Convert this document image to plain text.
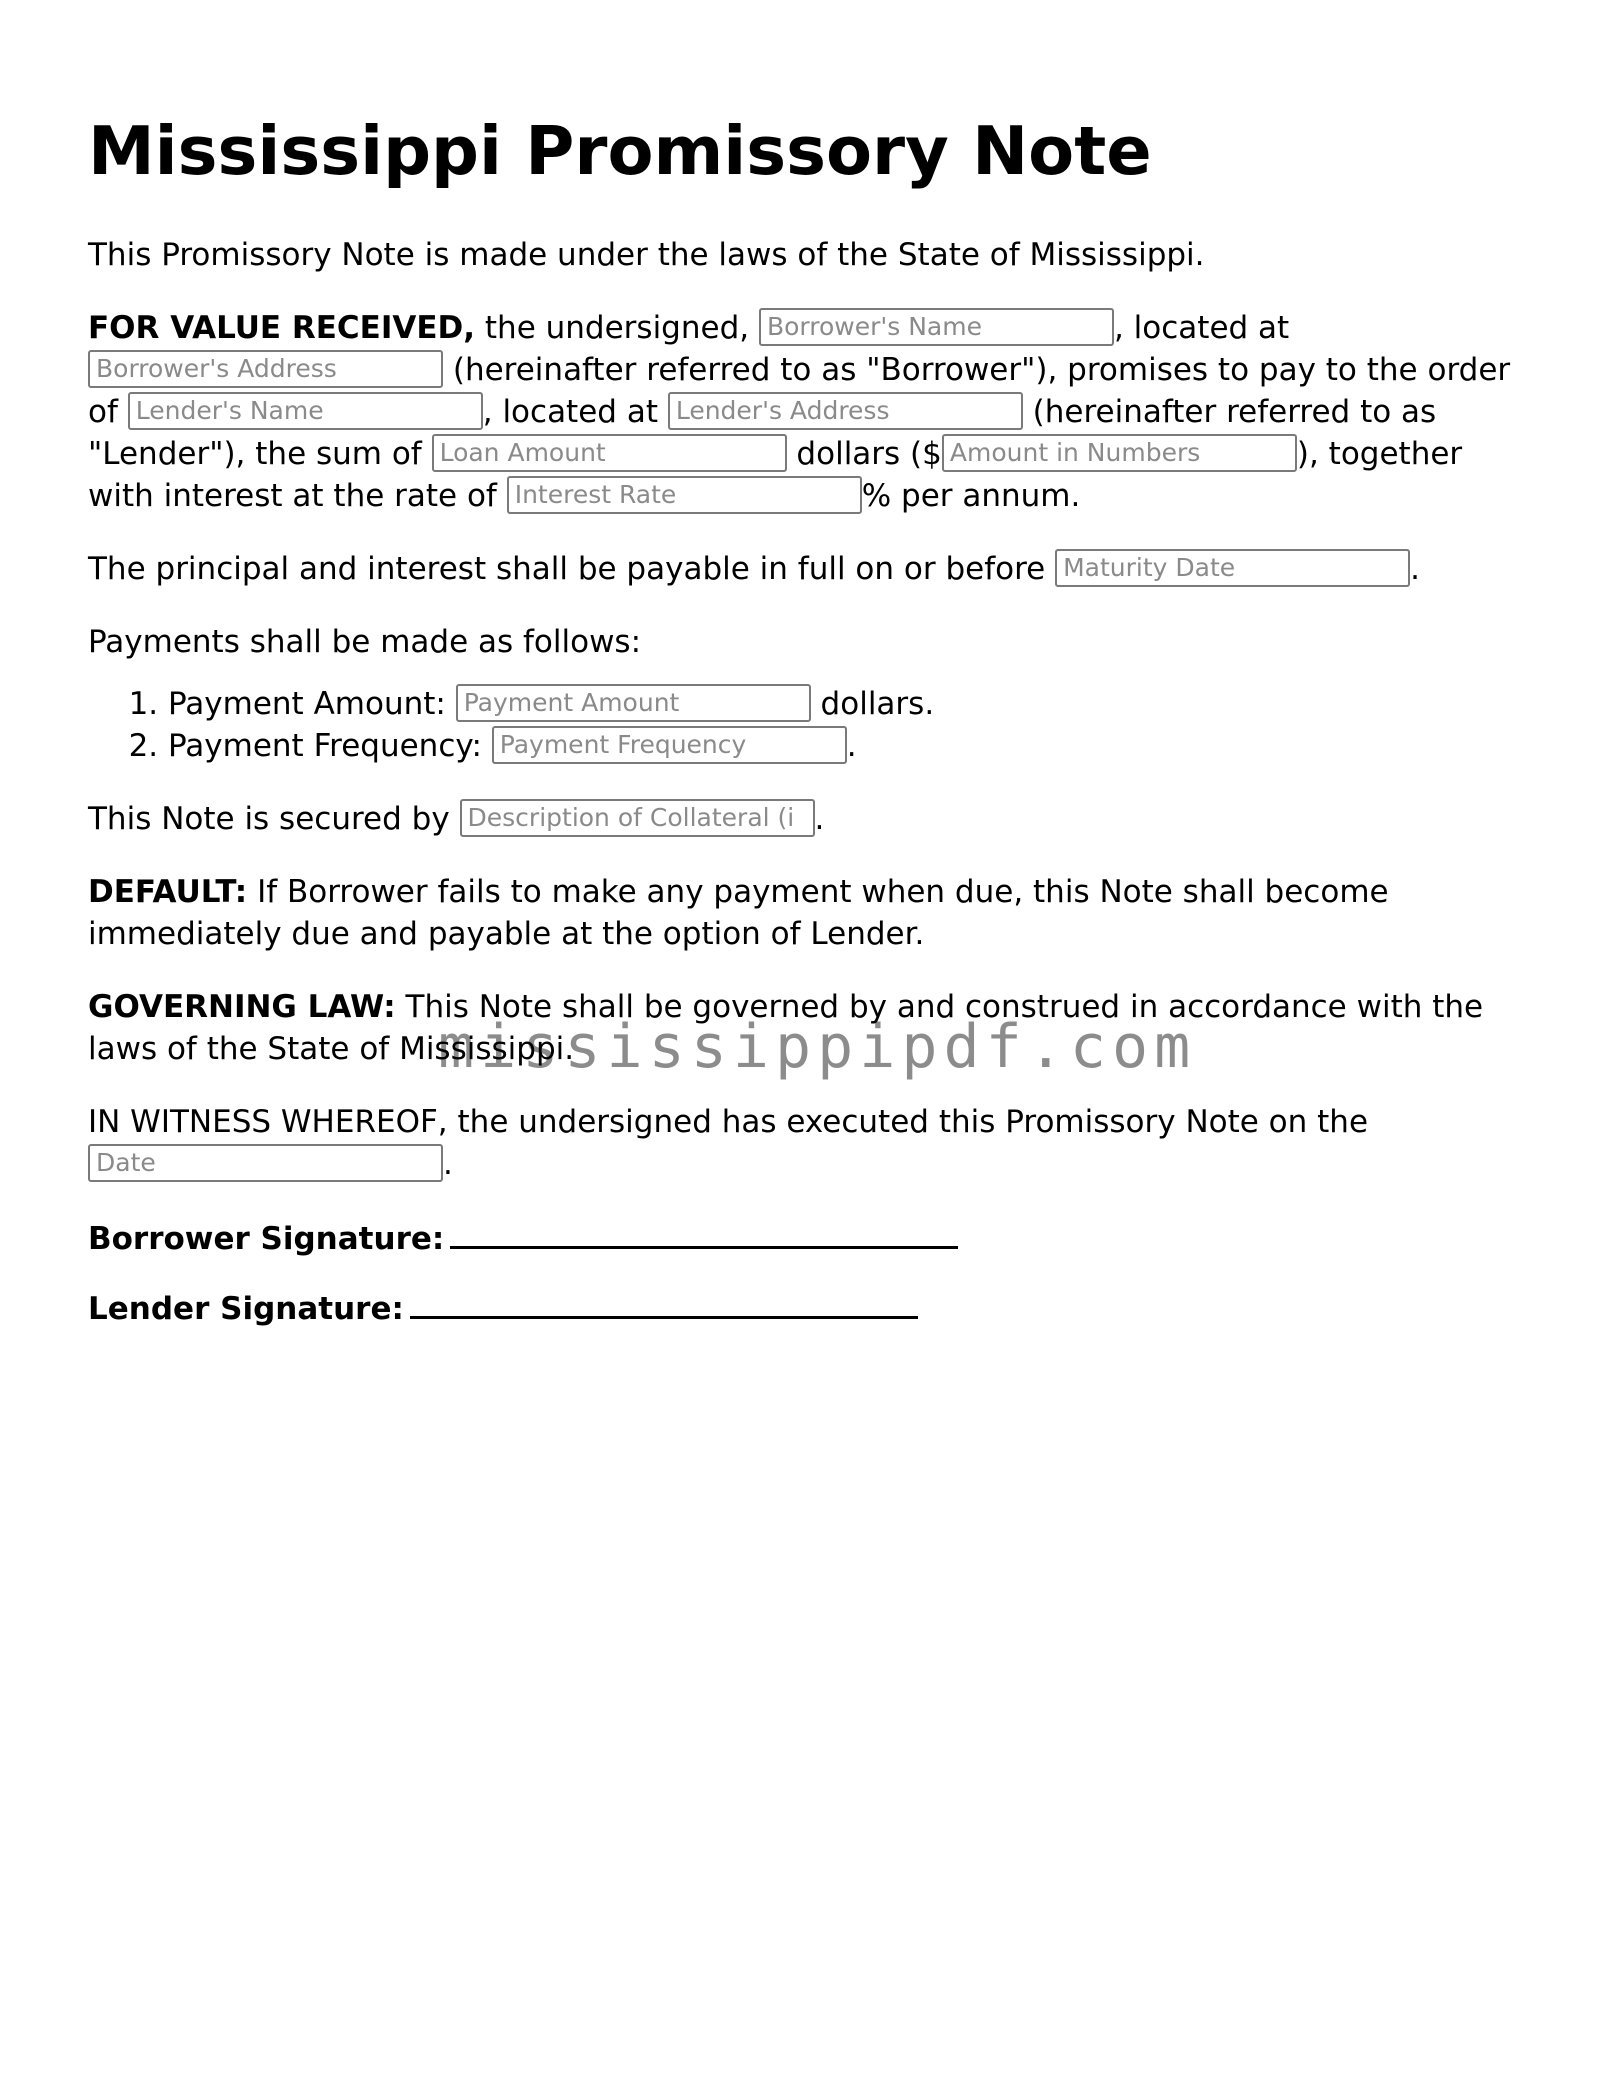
Mississippi Promissory Note

This Promissory Note is made under the laws of the State of Mississippi.

FOR VALUE RECEIVED, the undersigned, Borrower's Name	, located at Borrower's Address (hereinafter referred to as "Borrower"), promises to pay to the order of Lender's Name	, located at Lender's Address	(hereinafter referred to as "Lender"), the sum of Loan Amount	dollars ($Amount in Numbers	), together with interest at the rate of Interest Rate	% per annum.

The principal and interest shall be payable in full on or before Maturity Date	.

Payments shall be made as follows:

1. Payment Amount: Payment Amount	dollars.
2. Payment Frequency: Payment Frequency	.

This Note is secured by Description of Collateral (i	.

DEFAULT: If Borrower fails to make any payment when due, this Note shall become immediately due and payable at the option of Lender.

GOVERNING LAW: This Note shall be governed by and construed in accordance with the laws of the State of Mississippi.

IN WITNESS WHEREOF, the undersigned has executed this Promissory Note on the Date.

Borrower Signature:

Lender Signature:

mississippipdf.com
